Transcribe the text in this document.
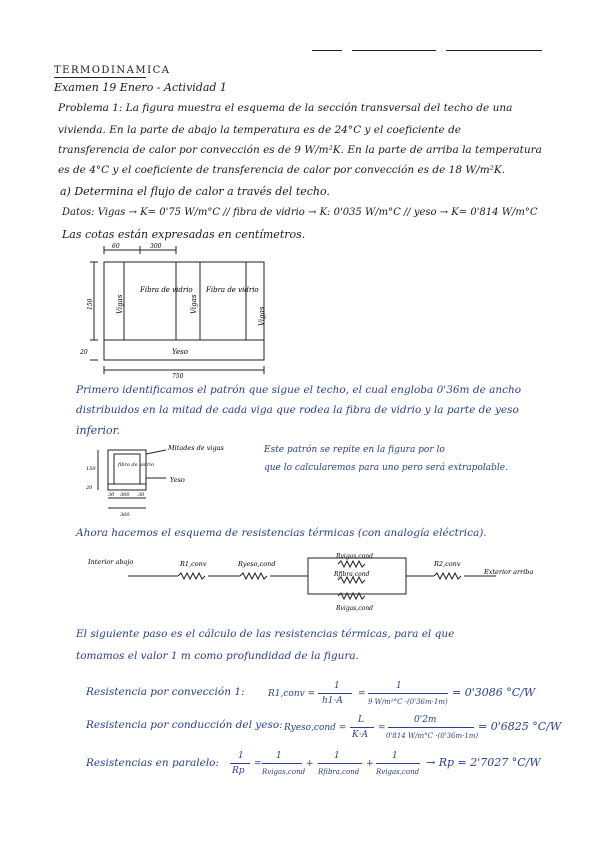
TERMODINAMICA
Examen 19 Enero - Actividad 1
Problema 1: La figura muestra el esquema de la sección transversal del techo de una
vivienda. En la parte de abajo la temperatura es de 24°C y el coeficiente de
transferencia de calor por convección es de 9 W/m²K. En la parte de arriba la temperatura
es de 4°C y el coeficiente de transferencia de calor por convección es de 18 W/m²K.
a) Determina el flujo de calor a través del techo.
Datos: Vigas → K= 0'75 W/m°C // fibra de vidrio → K: 0'035 W/m°C // yeso → K= 0'814 W/m°C
Las cotas están expresadas en centímetros.
60	300
150
20
750
Vigas
Fibra de vidrio
Vigas
Fibra de vidrio
Vigas
Yeso
Primero identificamos el patrón que sigue el techo, el cual engloba 0'36m de ancho
distribuidos en la mitad de cada viga que rodea la fibra de vidrio y la parte de yeso
inferior.
Mitades de vigas
Yeso
fibra de vidrio
150
20
30 300 30
360
Este patrón se repite en la figura por lo
que lo calcularemos para uno pero será extrapolable.
Ahora hacemos el esquema de resistencias térmicas (con analogía eléctrica).
Interior abajo	R1,conv	Ryeso,cond
Rvigas,cond
Rfibra,cond
Rvigas,cond
R2,conv
Exterior arriba
El siguiente paso es el cálculo de las resistencias térmicas, para el que
tomamos el valor 1 m como profundidad de la figura.
Resistencia por convección 1:	R1,conv =
1
h1·A
=
1
9 W/m²°C ·(0'36m·1m)
= 0'3086 °C/W
Resistencia por conducción del yeso: Ryeso,cond =
L
K·A
=
0'2m
0'814 W/m°C ·(0'36m·1m)
= 0'6825 °C/W
Resistencias en paralelo:
1
Rp
=
1
Rvigas,cond
+
1
Rfibra,cond
+
1
Rvigas,cond
→ Rp = 2'7027 °C/W
